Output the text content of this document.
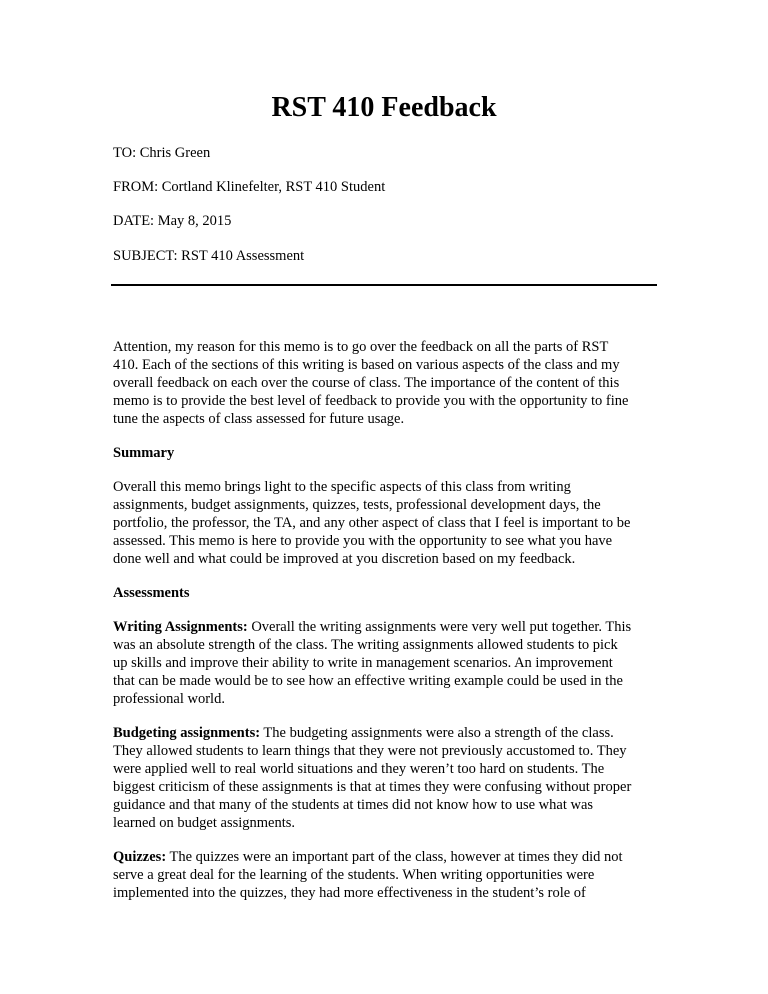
RST 410 Feedback

TO: Chris Green

FROM: Cortland Klinefelter, RST 410 Student

DATE: May 8, 2015

SUBJECT: RST 410 Assessment

Attention, my reason for this memo is to go over the feedback on all the parts of RST
410. Each of the sections of this writing is based on various aspects of the class and my
overall feedback on each over the course of class. The importance of the content of this
memo is to provide the best level of feedback to provide you with the opportunity to fine
tune the aspects of class assessed for future usage.

Summary

Overall this memo brings light to the specific aspects of this class from writing
assignments, budget assignments, quizzes, tests, professional development days, the
portfolio, the professor, the TA, and any other aspect of class that I feel is important to be
assessed. This memo is here to provide you with the opportunity to see what you have
done well and what could be improved at you discretion based on my feedback.

Assessments

Writing Assignments: Overall the writing assignments were very well put together. This
was an absolute strength of the class. The writing assignments allowed students to pick
up skills and improve their ability to write in management scenarios. An improvement
that can be made would be to see how an effective writing example could be used in the
professional world.

Budgeting assignments: The budgeting assignments were also a strength of the class.
They allowed students to learn things that they were not previously accustomed to. They
were applied well to real world situations and they weren’t too hard on students. The
biggest criticism of these assignments is that at times they were confusing without proper
guidance and that many of the students at times did not know how to use what was
learned on budget assignments.

Quizzes: The quizzes were an important part of the class, however at times they did not
serve a great deal for the learning of the students. When writing opportunities were
implemented into the quizzes, they had more effectiveness in the student’s role of
